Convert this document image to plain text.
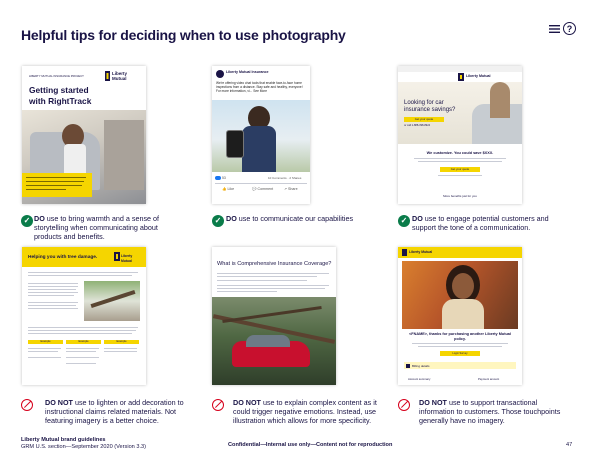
Helpful tips for deciding when to use photography	?
LIBERTY MUTUAL INSURANCE PROJECT	Liberty Mutual
Getting started
with RightTrack
Liberty Mutual Insurance
We're offering video chat tools that enable face-to-face home inspections from a distance. Stay safe and healthy, everyone! For more information, vi... See More
53	10 Comments · 2 Shares
👍 Like	💬 Comment	↗ Share
Liberty Mutual
Looking for car
insurance savings?
Get your quote
or call 1-888-398-8924
We customize. You could save $XXX.
Get your quote
More benefits just for you
✓ DO use to bring warmth and a sense of storytelling when communicating about products and benefits.
✓ DO use to communicate our capabilities	✓ DO use to engage potential customers and support the tone of a communication.
Helping you with tree damage.	Liberty Mutual
Example	Example	Example
What is Comprehensive Insurance Coverage?
Liberty Mutual
<FNAME>, thanks for purchasing another Liberty Mutual policy.
Login Survey
Billing details
Account summary	Payment amount
DO NOT use to lighten or add decoration to instructional claims related materials. Not featuring imagery is a better choice.
DO NOT use to explain complex content as it could trigger negative emotions. Instead, use illustration which allows for more specificity.
DO NOT use to support transactional information to customers. Those touchpoints generally have no imagery.
Liberty Mutual brand guidelines
GRM U.S. section—September 2020 (Version 3.3)	Confidential—Internal use only—Content not for reproduction	47
